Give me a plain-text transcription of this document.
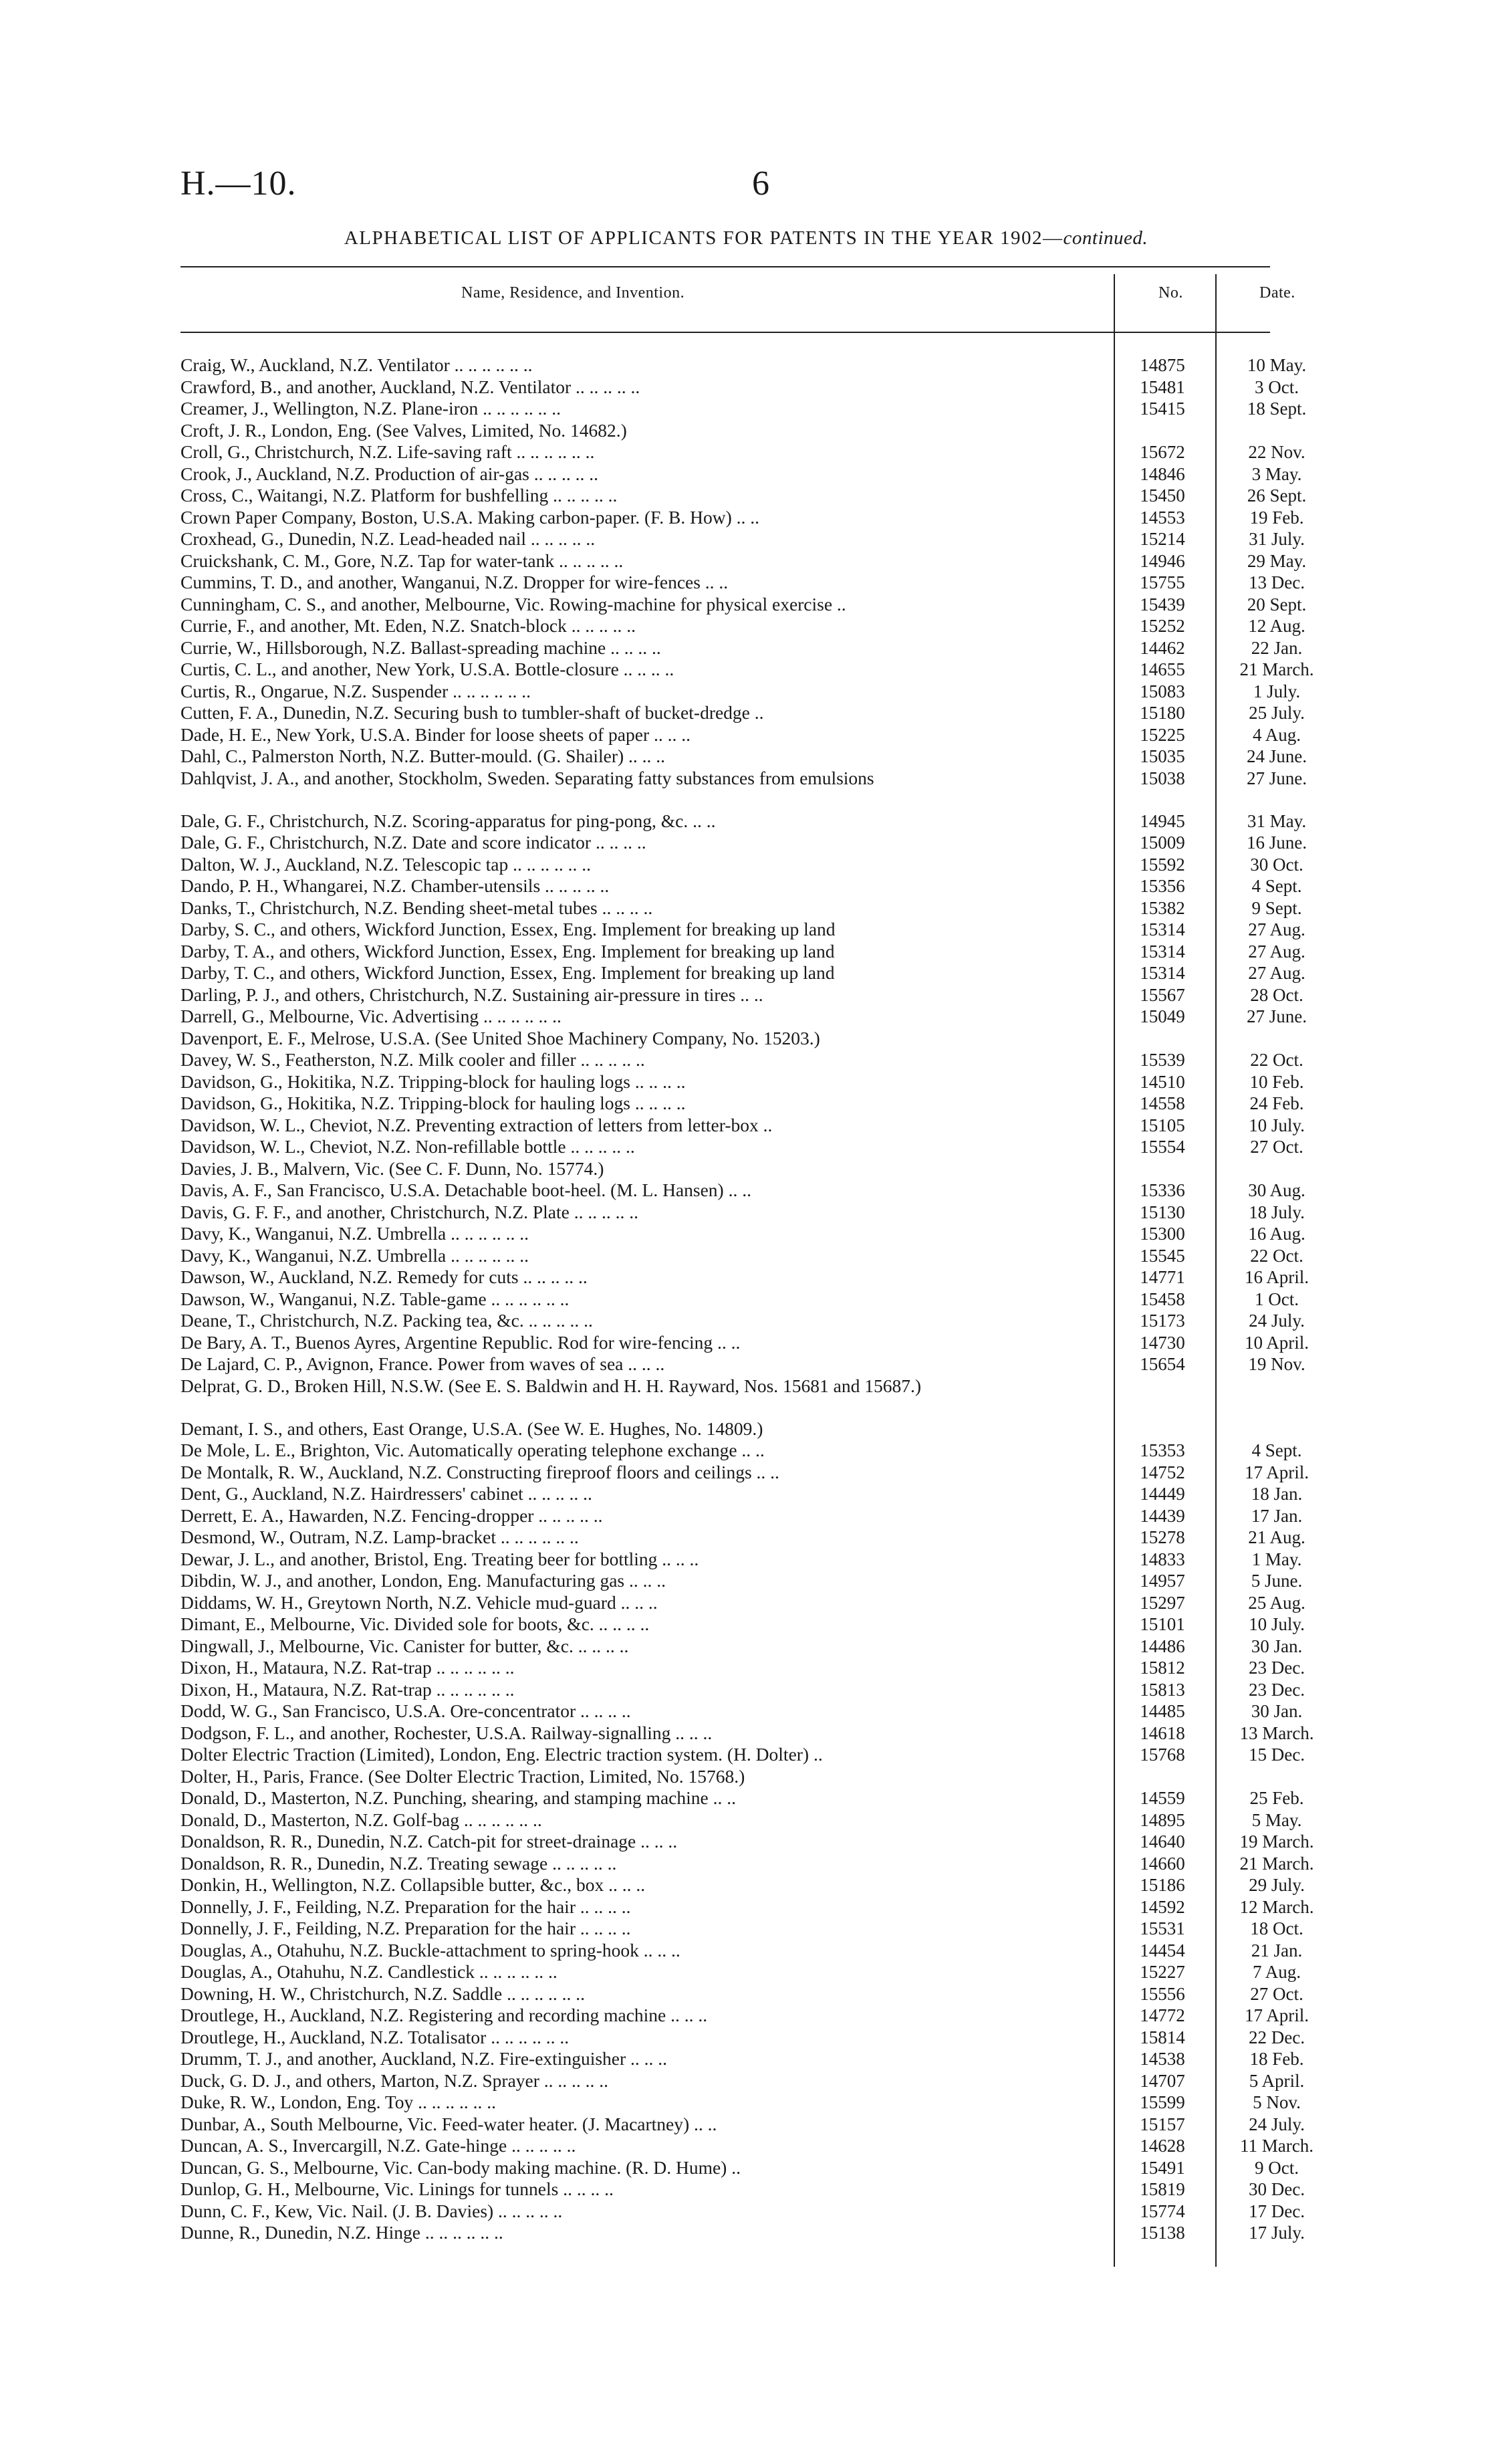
H.—10.	6
ALPHABETICAL LIST OF APPLICANTS FOR PATENTS IN THE YEAR 1902—continued.
Name, Residence, and Invention.	No.	Date.
Craig, W., Auckland, N.Z. Ventilator .. .. .. .. .. ..	14875	10 May.
Crawford, B., and another, Auckland, N.Z. Ventilator .. .. .. .. ..	15481	3 Oct.
Creamer, J., Wellington, N.Z. Plane-iron .. .. .. .. .. ..	15415	18 Sept.
Croft, J. R., London, Eng. (See Valves, Limited, No. 14682.)
Croll, G., Christchurch, N.Z. Life-saving raft .. .. .. .. .. ..	15672	22 Nov.
Crook, J., Auckland, N.Z. Production of air-gas .. .. .. .. ..	14846	3 May.
Cross, C., Waitangi, N.Z. Platform for bushfelling .. .. .. .. ..	15450	26 Sept.
Crown Paper Company, Boston, U.S.A. Making carbon-paper. (F. B. How) .. ..	14553	19 Feb.
Croxhead, G., Dunedin, N.Z. Lead-headed nail .. .. .. .. ..	15214	31 July.
Cruickshank, C. M., Gore, N.Z. Tap for water-tank .. .. .. .. ..	14946	29 May.
Cummins, T. D., and another, Wanganui, N.Z. Dropper for wire-fences .. ..	15755	13 Dec.
Cunningham, C. S., and another, Melbourne, Vic. Rowing-machine for physical exercise ..	15439	20 Sept.
Currie, F., and another, Mt. Eden, N.Z. Snatch-block .. .. .. .. ..	15252	12 Aug.
Currie, W., Hillsborough, N.Z. Ballast-spreading machine .. .. .. ..	14462	22 Jan.
Curtis, C. L., and another, New York, U.S.A. Bottle-closure .. .. .. ..	14655	21 March.
Curtis, R., Ongarue, N.Z. Suspender .. .. .. .. .. ..	15083	1 July.
Cutten, F. A., Dunedin, N.Z. Securing bush to tumbler-shaft of bucket-dredge ..	15180	25 July.
Dade, H. E., New York, U.S.A. Binder for loose sheets of paper .. .. ..	15225	4 Aug.
Dahl, C., Palmerston North, N.Z. Butter-mould. (G. Shailer) .. .. ..	15035	24 June.
Dahlqvist, J. A., and another, Stockholm, Sweden. Separating fatty substances from emulsions	15038	27 June.
Dale, G. F., Christchurch, N.Z. Scoring-apparatus for ping-pong, &c. .. ..	14945	31 May.
Dale, G. F., Christchurch, N.Z. Date and score indicator .. .. .. ..	15009	16 June.
Dalton, W. J., Auckland, N.Z. Telescopic tap .. .. .. .. .. ..	15592	30 Oct.
Dando, P. H., Whangarei, N.Z. Chamber-utensils .. .. .. .. ..	15356	4 Sept.
Danks, T., Christchurch, N.Z. Bending sheet-metal tubes .. .. .. ..	15382	9 Sept.
Darby, S. C., and others, Wickford Junction, Essex, Eng. Implement for breaking up land	15314	27 Aug.
Darby, T. A., and others, Wickford Junction, Essex, Eng. Implement for breaking up land	15314	27 Aug.
Darby, T. C., and others, Wickford Junction, Essex, Eng. Implement for breaking up land	15314	27 Aug.
Darling, P. J., and others, Christchurch, N.Z. Sustaining air-pressure in tires .. ..	15567	28 Oct.
Darrell, G., Melbourne, Vic. Advertising .. .. .. .. .. ..	15049	27 June.
Davenport, E. F., Melrose, U.S.A. (See United Shoe Machinery Company, No. 15203.)
Davey, W. S., Featherston, N.Z. Milk cooler and filler .. .. .. .. ..	15539	22 Oct.
Davidson, G., Hokitika, N.Z. Tripping-block for hauling logs .. .. .. ..	14510	10 Feb.
Davidson, G., Hokitika, N.Z. Tripping-block for hauling logs .. .. .. ..	14558	24 Feb.
Davidson, W. L., Cheviot, N.Z. Preventing extraction of letters from letter-box ..	15105	10 July.
Davidson, W. L., Cheviot, N.Z. Non-refillable bottle .. .. .. .. ..	15554	27 Oct.
Davies, J. B., Malvern, Vic. (See C. F. Dunn, No. 15774.)
Davis, A. F., San Francisco, U.S.A. Detachable boot-heel. (M. L. Hansen) .. ..	15336	30 Aug.
Davis, G. F. F., and another, Christchurch, N.Z. Plate .. .. .. .. ..	15130	18 July.
Davy, K., Wanganui, N.Z. Umbrella .. .. .. .. .. ..	15300	16 Aug.
Davy, K., Wanganui, N.Z. Umbrella .. .. .. .. .. ..	15545	22 Oct.
Dawson, W., Auckland, N.Z. Remedy for cuts .. .. .. .. ..	14771	16 April.
Dawson, W., Wanganui, N.Z. Table-game .. .. .. .. .. ..	15458	1 Oct.
Deane, T., Christchurch, N.Z. Packing tea, &c. .. .. .. .. ..	15173	24 July.
De Bary, A. T., Buenos Ayres, Argentine Republic. Rod for wire-fencing .. ..	14730	10 April.
De Lajard, C. P., Avignon, France. Power from waves of sea .. .. ..	15654	19 Nov.
Delprat, G. D., Broken Hill, N.S.W. (See E. S. Baldwin and H. H. Rayward, Nos. 15681 and 15687.)
Demant, I. S., and others, East Orange, U.S.A. (See W. E. Hughes, No. 14809.)
De Mole, L. E., Brighton, Vic. Automatically operating telephone exchange .. ..	15353	4 Sept.
De Montalk, R. W., Auckland, N.Z. Constructing fireproof floors and ceilings .. ..	14752	17 April.
Dent, G., Auckland, N.Z. Hairdressers' cabinet .. .. .. .. ..	14449	18 Jan.
Derrett, E. A., Hawarden, N.Z. Fencing-dropper .. .. .. .. ..	14439	17 Jan.
Desmond, W., Outram, N.Z. Lamp-bracket .. .. .. .. .. ..	15278	21 Aug.
Dewar, J. L., and another, Bristol, Eng. Treating beer for bottling .. .. ..	14833	1 May.
Dibdin, W. J., and another, London, Eng. Manufacturing gas .. .. ..	14957	5 June.
Diddams, W. H., Greytown North, N.Z. Vehicle mud-guard .. .. ..	15297	25 Aug.
Dimant, E., Melbourne, Vic. Divided sole for boots, &c. .. .. .. ..	15101	10 July.
Dingwall, J., Melbourne, Vic. Canister for butter, &c. .. .. .. ..	14486	30 Jan.
Dixon, H., Mataura, N.Z. Rat-trap .. .. .. .. .. ..	15812	23 Dec.
Dixon, H., Mataura, N.Z. Rat-trap .. .. .. .. .. ..	15813	23 Dec.
Dodd, W. G., San Francisco, U.S.A. Ore-concentrator .. .. .. ..	14485	30 Jan.
Dodgson, F. L., and another, Rochester, U.S.A. Railway-signalling .. .. ..	14618	13 March.
Dolter Electric Traction (Limited), London, Eng. Electric traction system. (H. Dolter) ..	15768	15 Dec.
Dolter, H., Paris, France. (See Dolter Electric Traction, Limited, No. 15768.)
Donald, D., Masterton, N.Z. Punching, shearing, and stamping machine .. ..	14559	25 Feb.
Donald, D., Masterton, N.Z. Golf-bag .. .. .. .. .. ..	14895	5 May.
Donaldson, R. R., Dunedin, N.Z. Catch-pit for street-drainage .. .. ..	14640	19 March.
Donaldson, R. R., Dunedin, N.Z. Treating sewage .. .. .. .. ..	14660	21 March.
Donkin, H., Wellington, N.Z. Collapsible butter, &c., box .. .. ..	15186	29 July.
Donnelly, J. F., Feilding, N.Z. Preparation for the hair .. .. .. ..	14592	12 March.
Donnelly, J. F., Feilding, N.Z. Preparation for the hair .. .. .. ..	15531	18 Oct.
Douglas, A., Otahuhu, N.Z. Buckle-attachment to spring-hook .. .. ..	14454	21 Jan.
Douglas, A., Otahuhu, N.Z. Candlestick .. .. .. .. .. ..	15227	7 Aug.
Downing, H. W., Christchurch, N.Z. Saddle .. .. .. .. .. ..	15556	27 Oct.
Droutlege, H., Auckland, N.Z. Registering and recording machine .. .. ..	14772	17 April.
Droutlege, H., Auckland, N.Z. Totalisator .. .. .. .. .. ..	15814	22 Dec.
Drumm, T. J., and another, Auckland, N.Z. Fire-extinguisher .. .. ..	14538	18 Feb.
Duck, G. D. J., and others, Marton, N.Z. Sprayer .. .. .. .. ..	14707	5 April.
Duke, R. W., London, Eng. Toy .. .. .. .. .. ..	15599	5 Nov.
Dunbar, A., South Melbourne, Vic. Feed-water heater. (J. Macartney) .. ..	15157	24 July.
Duncan, A. S., Invercargill, N.Z. Gate-hinge .. .. .. .. ..	14628	11 March.
Duncan, G. S., Melbourne, Vic. Can-body making machine. (R. D. Hume) ..	15491	9 Oct.
Dunlop, G. H., Melbourne, Vic. Linings for tunnels .. .. .. ..	15819	30 Dec.
Dunn, C. F., Kew, Vic. Nail. (J. B. Davies) .. .. .. .. ..	15774	17 Dec.
Dunne, R., Dunedin, N.Z. Hinge .. .. .. .. .. ..	15138	17 July.
